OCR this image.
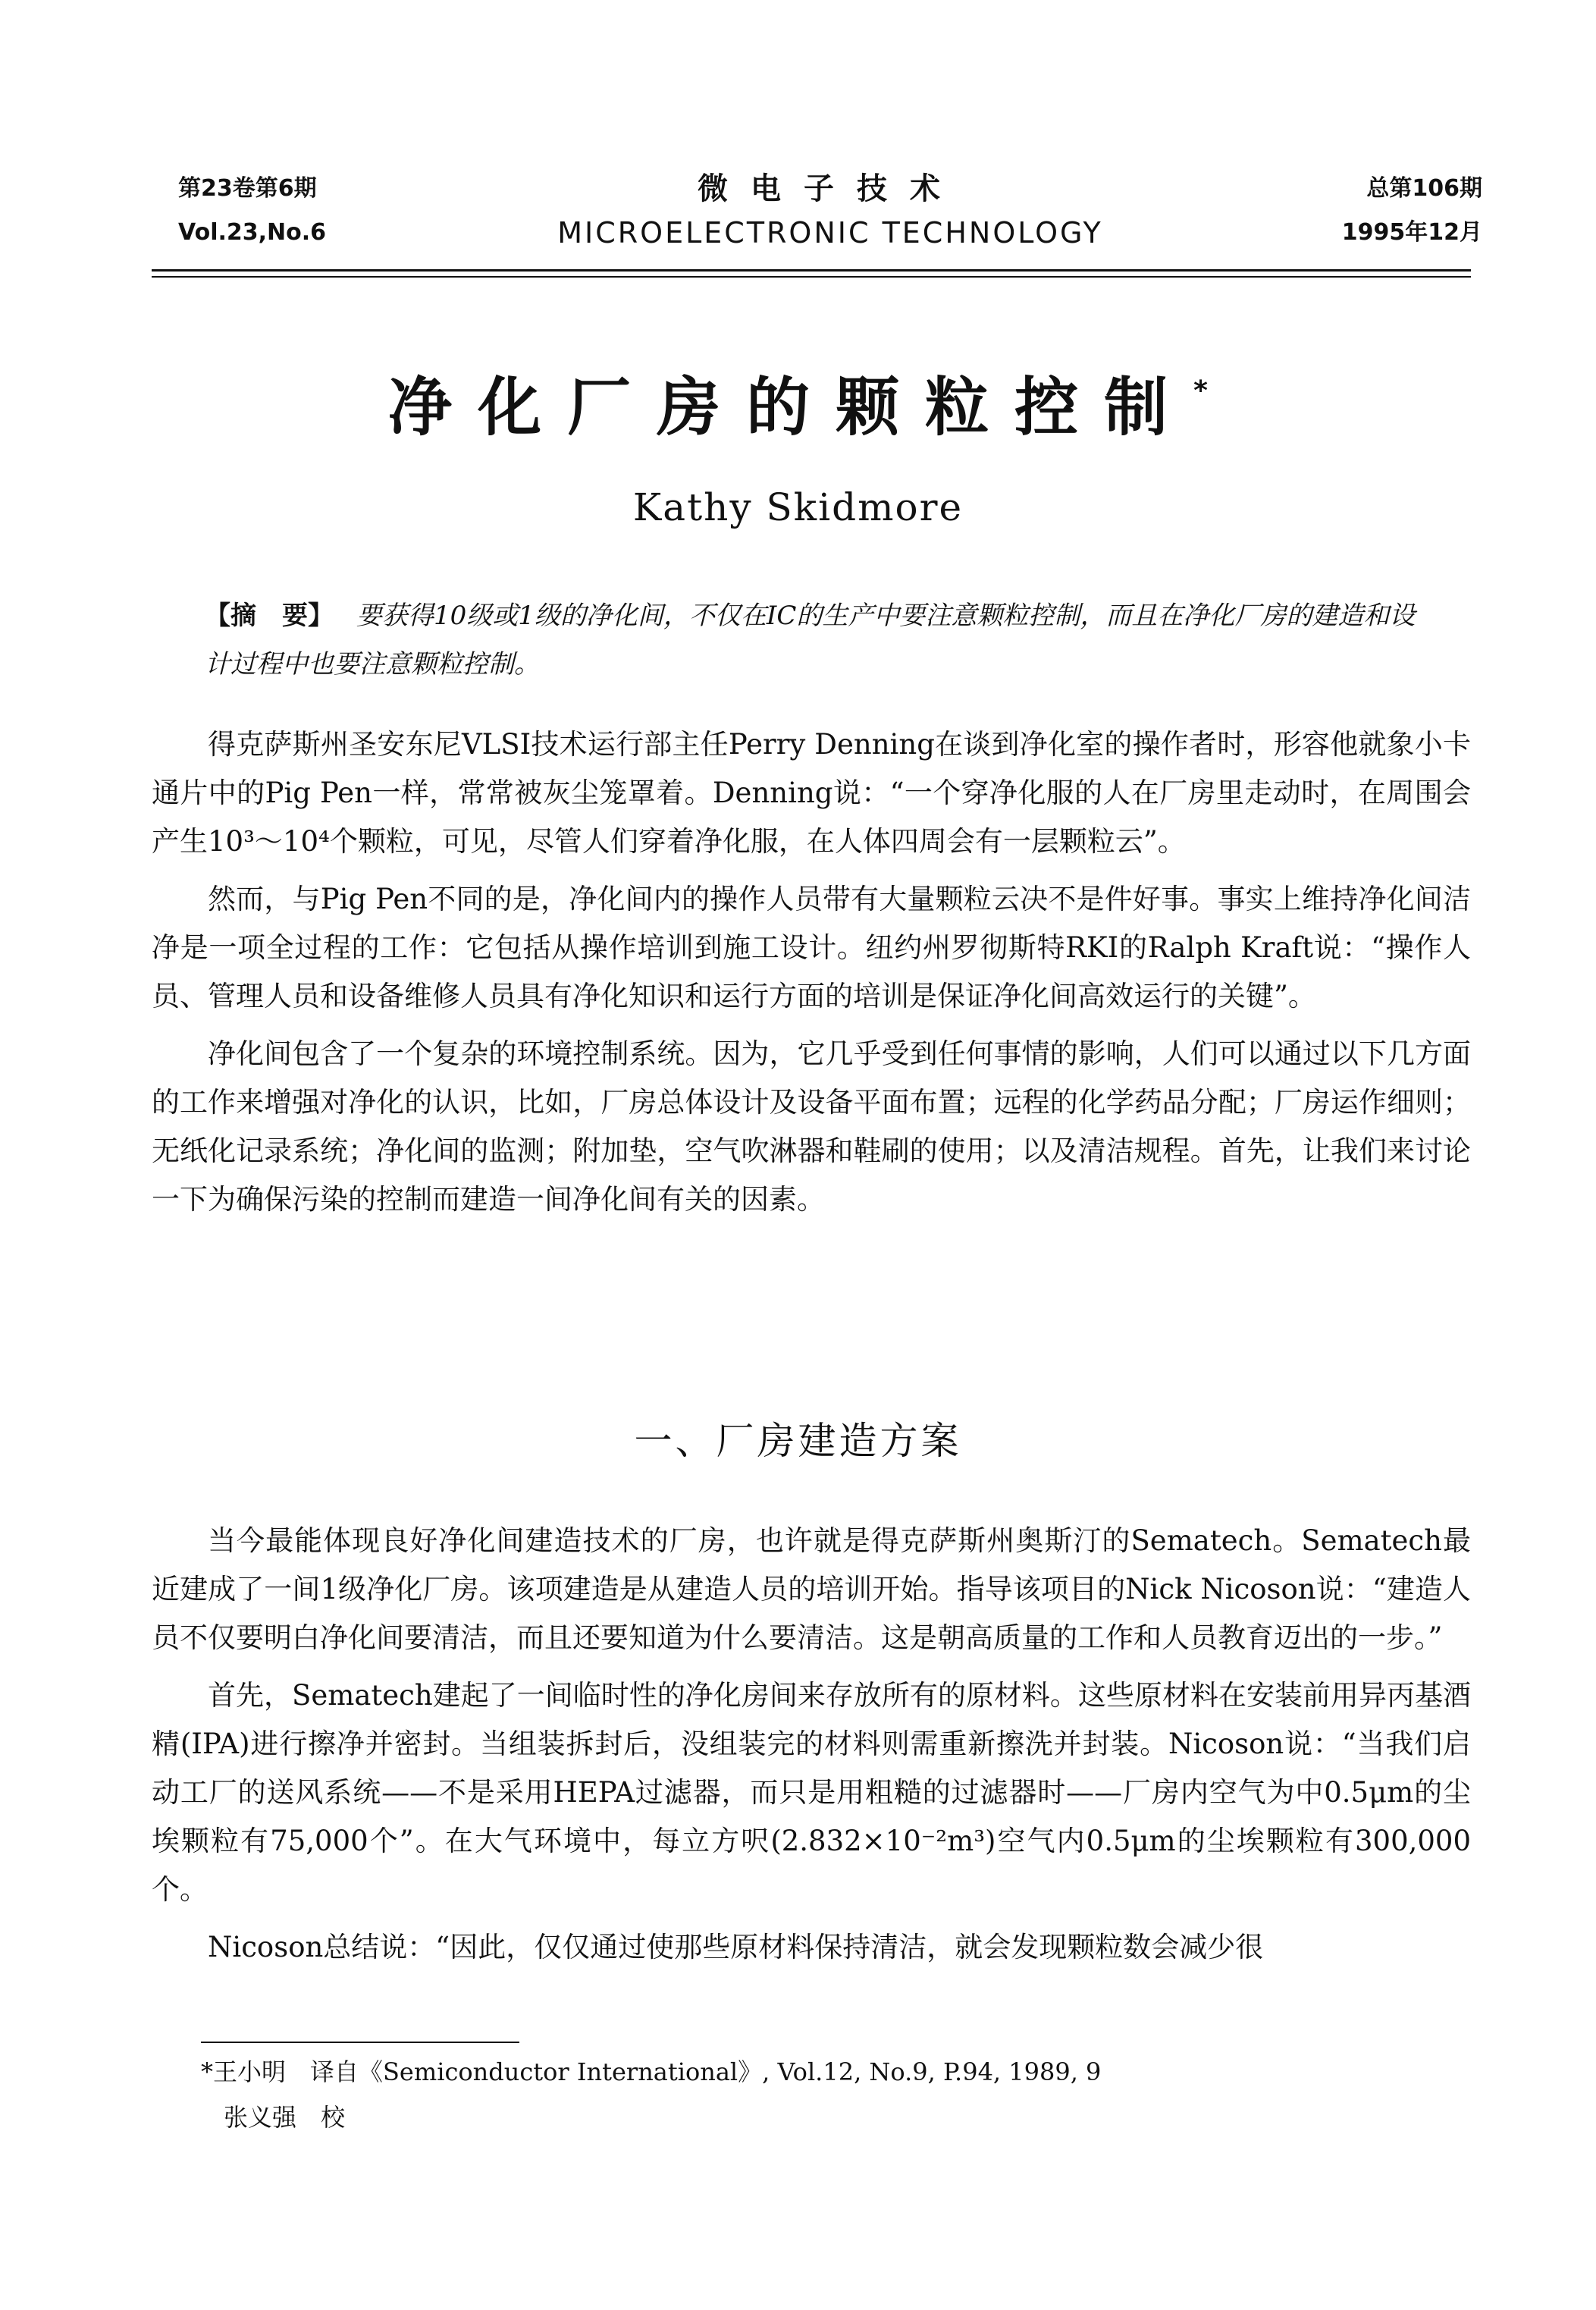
第23卷第6期
Vol.23,No.6
微电子技术
MICROELECTRONIC TECHNOLOGY
总第106期
1995年12月
净化厂房的颗粒控制*
Kathy Skidmore
【摘　要】 要获得10级或1级的净化间，不仅在IC的生产中要注意颗粒控制，而且在净化厂房的建造和设计过程中也要注意颗粒控制。

得克萨斯州圣安东尼VLSI技术运行部主任Perry Denning在谈到净化室的操作者时，形容他就象小卡通片中的Pig Pen一样，常常被灰尘笼罩着。Denning说：“一个穿净化服的人在厂房里走动时，在周围会产生10³～10⁴个颗粒，可见，尽管人们穿着净化服，在人体四周会有一层颗粒云”。

然而，与Pig Pen不同的是，净化间内的操作人员带有大量颗粒云决不是件好事。事实上维持净化间洁净是一项全过程的工作：它包括从操作培训到施工设计。纽约州罗彻斯特RKI的Ralph Kraft说：“操作人员、管理人员和设备维修人员具有净化知识和运行方面的培训是保证净化间高效运行的关键”。

净化间包含了一个复杂的环境控制系统。因为，它几乎受到任何事情的影响，人们可以通过以下几方面的工作来增强对净化的认识，比如，厂房总体设计及设备平面布置；远程的化学药品分配；厂房运作细则；无纸化记录系统；净化间的监测；附加垫，空气吹淋器和鞋刷的使用；以及清洁规程。首先，让我们来讨论一下为确保污染的控制而建造一间净化间有关的因素。

一、厂房建造方案

当今最能体现良好净化间建造技术的厂房，也许就是得克萨斯州奥斯汀的Sematech。Sematech最近建成了一间1级净化厂房。该项建造是从建造人员的培训开始。指导该项目的Nick Nicoson说：“建造人员不仅要明白净化间要清洁，而且还要知道为什么要清洁。这是朝高质量的工作和人员教育迈出的一步。”

首先，Sematech建起了一间临时性的净化房间来存放所有的原材料。这些原材料在安装前用异丙基酒精(IPA)进行擦净并密封。当组装拆封后，没组装完的材料则需重新擦洗并封装。Nicoson说：“当我们启动工厂的送风系统——不是采用HEPA过滤器，而只是用粗糙的过滤器时——厂房内空气为中0.5μm的尘埃颗粒有75,000个”。在大气环境中，每立方呎(2.832×10⁻²m³)空气内0.5μm的尘埃颗粒有300,000个。

Nicoson总结说：“因此，仅仅通过使那些原材料保持清洁，就会发现颗粒数会减少很

*王小明　译自《Semiconductor International》, Vol.12, No.9, P.94, 1989, 9
张义强　校
